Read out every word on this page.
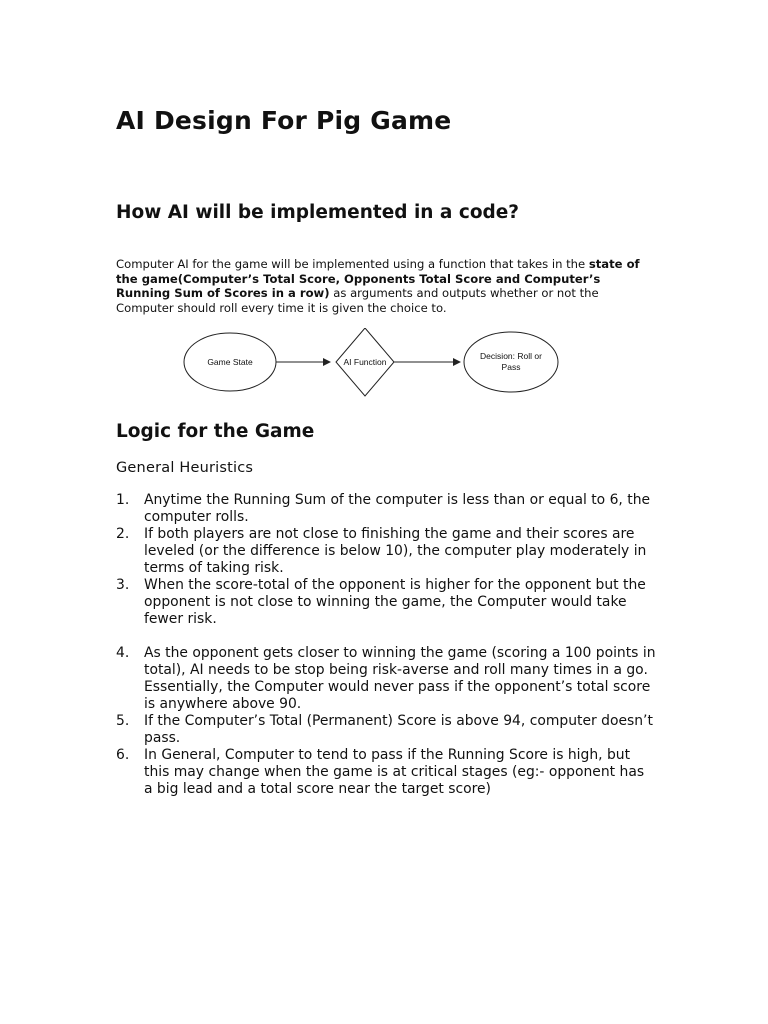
AI Design For Pig Game
How AI will be implemented in a code?

Computer AI for the game will be implemented using a function that takes in the state of the game(Computer’s Total Score, Opponents Total Score and Computer’s Running Sum of Scores in a row) as arguments and outputs whether or not the Computer should roll every time it is given the choice to.

Game State	AI Function
Decision: Roll or
Pass
Logic for the Game
General Heuristics
1. Anytime the Running Sum of the computer is less than or equal to 6, the computer rolls.
2. If both players are not close to finishing the game and their scores are leveled (or the difference is below 10), the computer play moderately in terms of taking risk.
3. When the score-total of the opponent is higher for the opponent but the opponent is not close to winning the game, the Computer would take fewer risk.
4. As the opponent gets closer to winning the game (scoring a 100 points in total), AI needs to be stop being risk-averse and roll many times in a go. Essentially, the Computer would never pass if the opponent’s total score is anywhere above 90.
5. If the Computer’s Total (Permanent) Score is above 94, computer doesn’t pass.
6. In General, Computer to tend to pass if the Running Score is high, but this may change when the game is at critical stages (eg:- opponent has a big lead and a total score near the target score)
